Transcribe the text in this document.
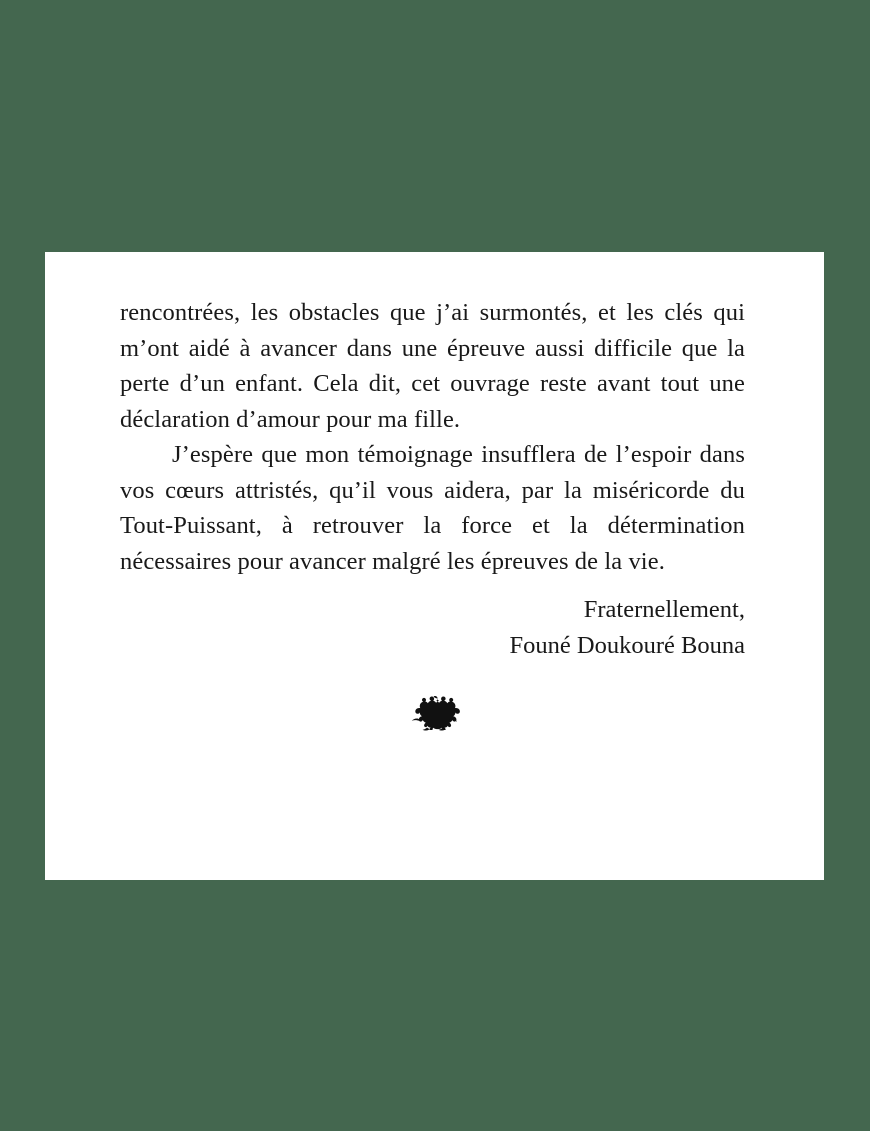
rencontrées, les obstacles que j’ai surmontés, et les clés qui m’ont aidé à avancer dans une épreuve aussi difficile que la perte d’un enfant. Cela dit, cet ouvrage reste avant tout une déclaration d’amour pour ma fille.

J’espère que mon témoignage insufflera de l’espoir dans vos cœurs attristés, qu’il vous aidera, par la miséricorde du Tout-Puissant, à retrouver la force et la détermination nécessaires pour avancer malgré les épreuves de la vie.

Fraternellement,
Founé Doukouré Bouna
